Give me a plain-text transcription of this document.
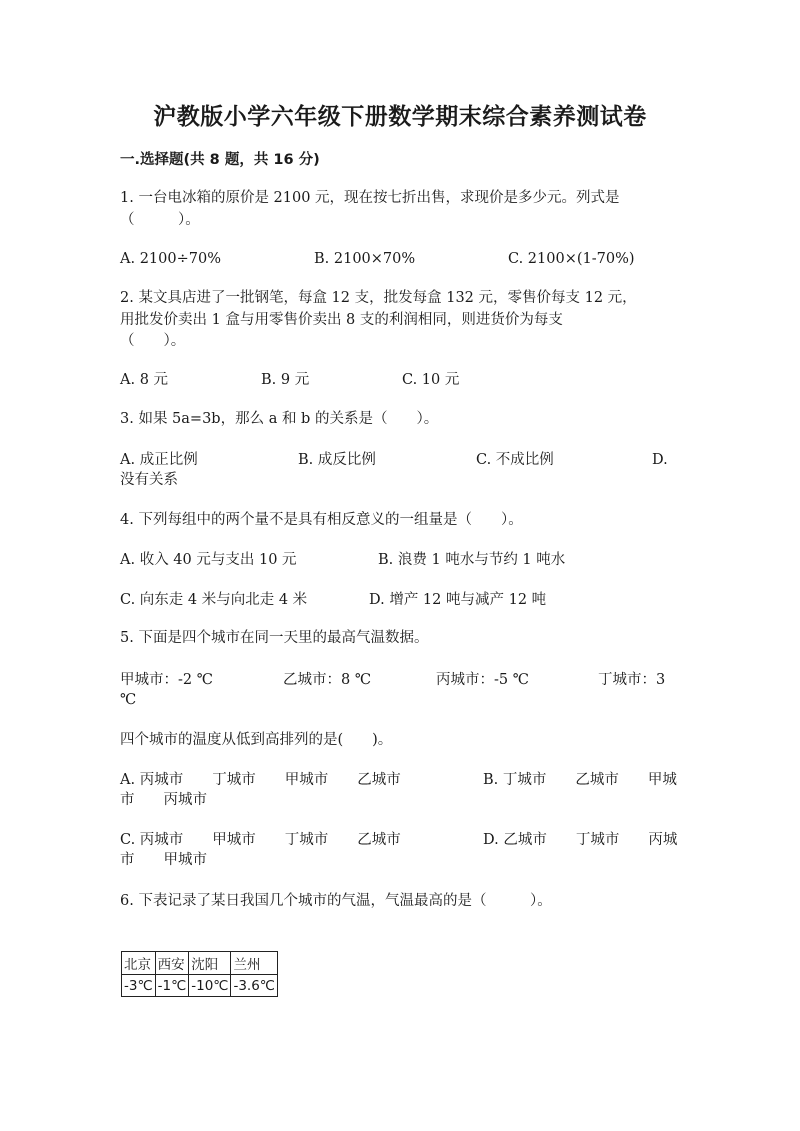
沪教版小学六年级下册数学期末综合素养测试卷
一.选择题(共 8 题，共 16 分)
1. 一台电冰箱的原价是 2100 元，现在按七折出售，求现价是多少元。列式是
（　　　）。
A. 2100÷70%	B. 2100×70%	C. 2100×(1-70%)
2. 某文具店进了一批钢笔，每盒 12 支，批发每盒 132 元，零售价每支 12 元，
用批发价卖出 1 盒与用零售价卖出 8 支的利润相同，则进货价为每支
（　　）。
A. 8 元	B. 9 元	C. 10 元
3. 如果 5a=3b，那么 a 和 b 的关系是（　　）。
A. 成正比例	B. 成反比例	C. 不成比例	D.
没有关系
4. 下列每组中的两个量不是具有相反意义的一组量是（　　）。
A. 收入 40 元与支出 10 元	B. 浪费 1 吨水与节约 1 吨水
C. 向东走 4 米与向北走 4 米	D. 增产 12 吨与减产 12 吨
5. 下面是四个城市在同一天里的最高气温数据。
甲城市：-2 ℃	乙城市：8 ℃	丙城市：-5 ℃	丁城市：3
℃
四个城市的温度从低到高排列的是(　　)。
A. 丙城市　　丁城市　　甲城市　　乙城市	B. 丁城市　　乙城市　　甲城
市　　丙城市
C. 丙城市　　甲城市　　丁城市　　乙城市	D. 乙城市　　丁城市　　丙城
市　　甲城市
6. 下表记录了某日我国几个城市的气温，气温最高的是（　　　）。
北京	西安	沈阳	兰州
-3℃	-1℃	-10℃	-3.6℃
